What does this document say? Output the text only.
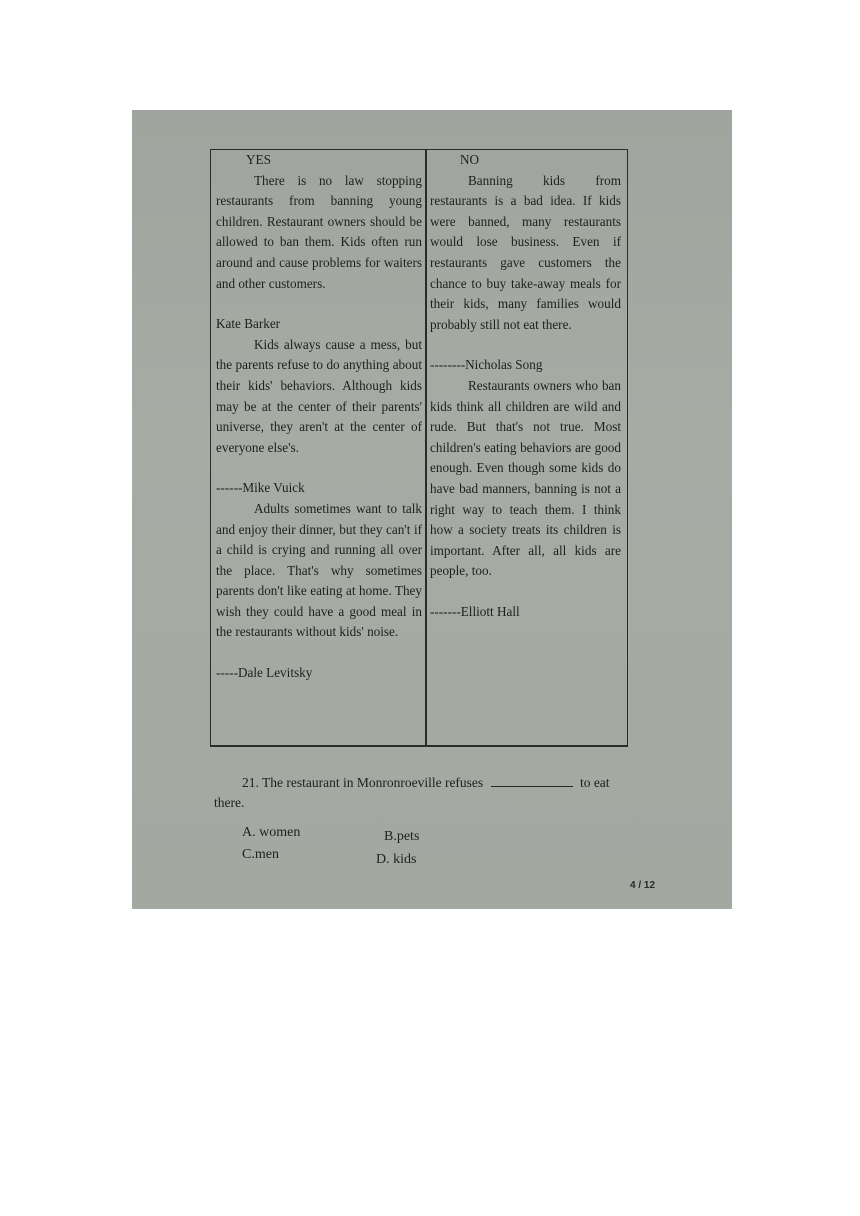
YES

There is no law stopping restaurants from banning young children. Restaurant owners should be allowed to ban them. Kids often run around and cause problems for waiters and other customers.

Kate Barker

Kids always cause a mess, but the parents refuse to do anything about their kids' behaviors. Although kids may be at the center of their parents' universe, they aren't at the center of everyone else's.

------Mike Vuick

Adults sometimes want to talk and enjoy their dinner, but they can't if a child is crying and running all over the place. That's why sometimes parents don't like eating at home. They wish they could have a good meal in the restaurants without kids' noise.

-----Dale Levitsky

NO

Banning kids from restaurants is a bad idea. If kids were banned, many restaurants would lose business. Even if restaurants gave customers the chance to buy take-away meals for their kids, many families would probably still not eat there.

--------Nicholas Song

Restaurants owners who ban kids think all children are wild and rude. But that's not true. Most children's eating behaviors are good enough. Even though some kids do have bad manners, banning is not a right way to teach them. I think how a society treats its children is important. After all, all kids are people, too.

-------Elliott Hall

21. The restaurant in Monronroeville refuses	to eat

there.

A. women	B.pets
C.men	D. kids
4 / 12
